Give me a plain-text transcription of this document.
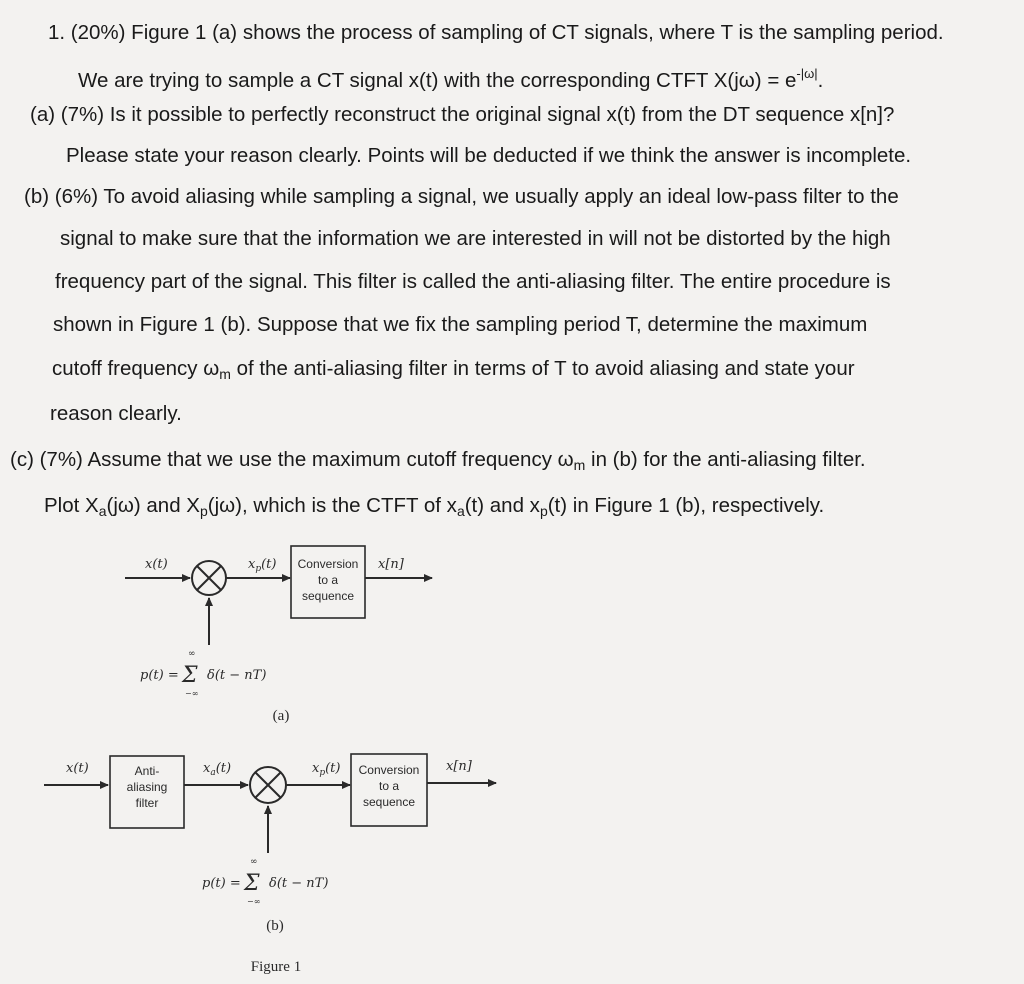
1. (20%) Figure 1 (a) shows the process of sampling of CT signals, where T is the sampling period.
We are trying to sample a CT signal x(t) with the corresponding CTFT $X(j\omega) = e^{-|\omega|}$.
(a) (7%) Is it possible to perfectly reconstruct the original signal x(t) from the DT sequence x[n]?
Please state your reason clearly. Points will be deducted if we think the answer is incomplete.
(b) (6%) To avoid aliasing while sampling a signal, we usually apply an ideal low-pass filter to the
signal to make sure that the information we are interested in will not be distorted by the high
frequency part of the signal. This filter is called the anti-aliasing filter. The entire procedure is
shown in Figure 1 (b). Suppose that we fix the sampling period T, determine the maximum
cutoff frequency $\omega_m$ of the anti-aliasing filter in terms of T to avoid aliasing and state your
reason clearly.
(c) (7%) Assume that we use the maximum cutoff frequency $\omega_m$ in (b) for the anti-aliasing filter.
Plot $X_a(j\omega)$ and $X_p(j\omega)$, which is the CTFT of $x_a(t)$ and $x_p(t)$ in Figure 1 (b), respectively.
x(t)	$x_p(t)$ Conversion
to a
sequence
x[n]
p(t) = Σ
∞
−∞
δ(t − nT)
(a)
x(t)	Anti-
aliasing
filter
$x_a(t)$	$x_p(t)$ Conversion
to a
sequence
x[n]
p(t) = Σ
∞
−∞
δ(t − nT)
(b)
Figure 1
